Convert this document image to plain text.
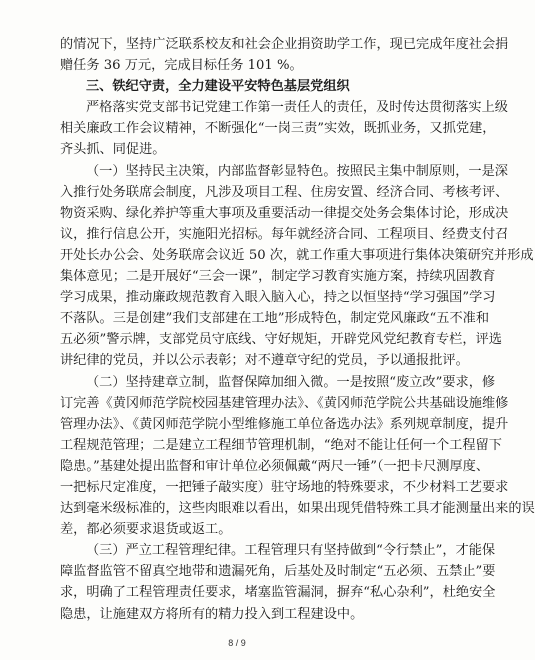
的情况下，坚持广泛联系校友和社会企业捐资助学工作，现已完成年度社会捐
赠任务 36 万元，完成目标任务 101 %。
三、铁纪守责，全力建设平安特色基层党组织
严格落实党支部书记党建工作第一责任人的责任，及时传达贯彻落实上级
相关廉政工作会议精神，不断强化“一岗三责”实效，既抓业务，又抓党建，
齐头抓、同促进。
（一）坚持民主决策，内部监督彰显特色。按照民主集中制原则，一是深
入推行处务联席会制度，凡涉及项目工程、住房安置、经济合同、考核考评、
物资采购、绿化养护等重大事项及重要活动一律提交处务会集体讨论，形成决
议，推行信息公开，实施阳光招标。每年就经济合同、工程项目、经费支付召
开处长办公会、处务联席会议近 50 次，就工作重大事项进行集体决策研究并形成
集体意见；二是开展好“三会一课”，制定学习教育实施方案，持续巩固教育
学习成果，推动廉政规范教育入眼入脑入心，持之以恒坚持“学习强国”学习
不落队。三是创建”我们支部建在工地”形成特色，制定党风廉政“五不准和
五必须”警示牌，支部党员守底线、守好规矩，开辟党风党纪教育专栏，评选
讲纪律的党员，并以公示表彰；对不遵章守纪的党员，予以通报批评。
（二）坚持建章立制，监督保障加细入微。一是按照“废立改”要求，修
订完善《黄冈师范学院校园基建管理办法》、《黄冈师范学院公共基础设施维修
管理办法》、《黄冈师范学院小型维修施工单位备选办法》系列规章制度，提升
工程规范管理；二是建立工程细节管理机制，“绝对不能让任何一个工程留下
隐患。”基建处提出监督和审计单位必须佩戴“两尺一锤”（一把卡尺测厚度、
一把标尺定准度，一把锤子敲实度）驻守场地的特殊要求，不少材料工艺要求
达到毫米级标准的，这些肉眼难以看出，如果出现凭借特殊工具才能测量出来的误
差，都必须要求退货或返工。
（三）严立工程管理纪律。工程管理只有坚持做到“令行禁止”，才能保
障监督监管不留真空地带和遗漏死角，后基处及时制定“五必须、五禁止”要
求，明确了工程管理责任要求，堵塞监管漏洞，摒弃“私心杂利”，杜绝安全
隐患，让施建双方将所有的精力投入到工程建设中。
8 / 9
